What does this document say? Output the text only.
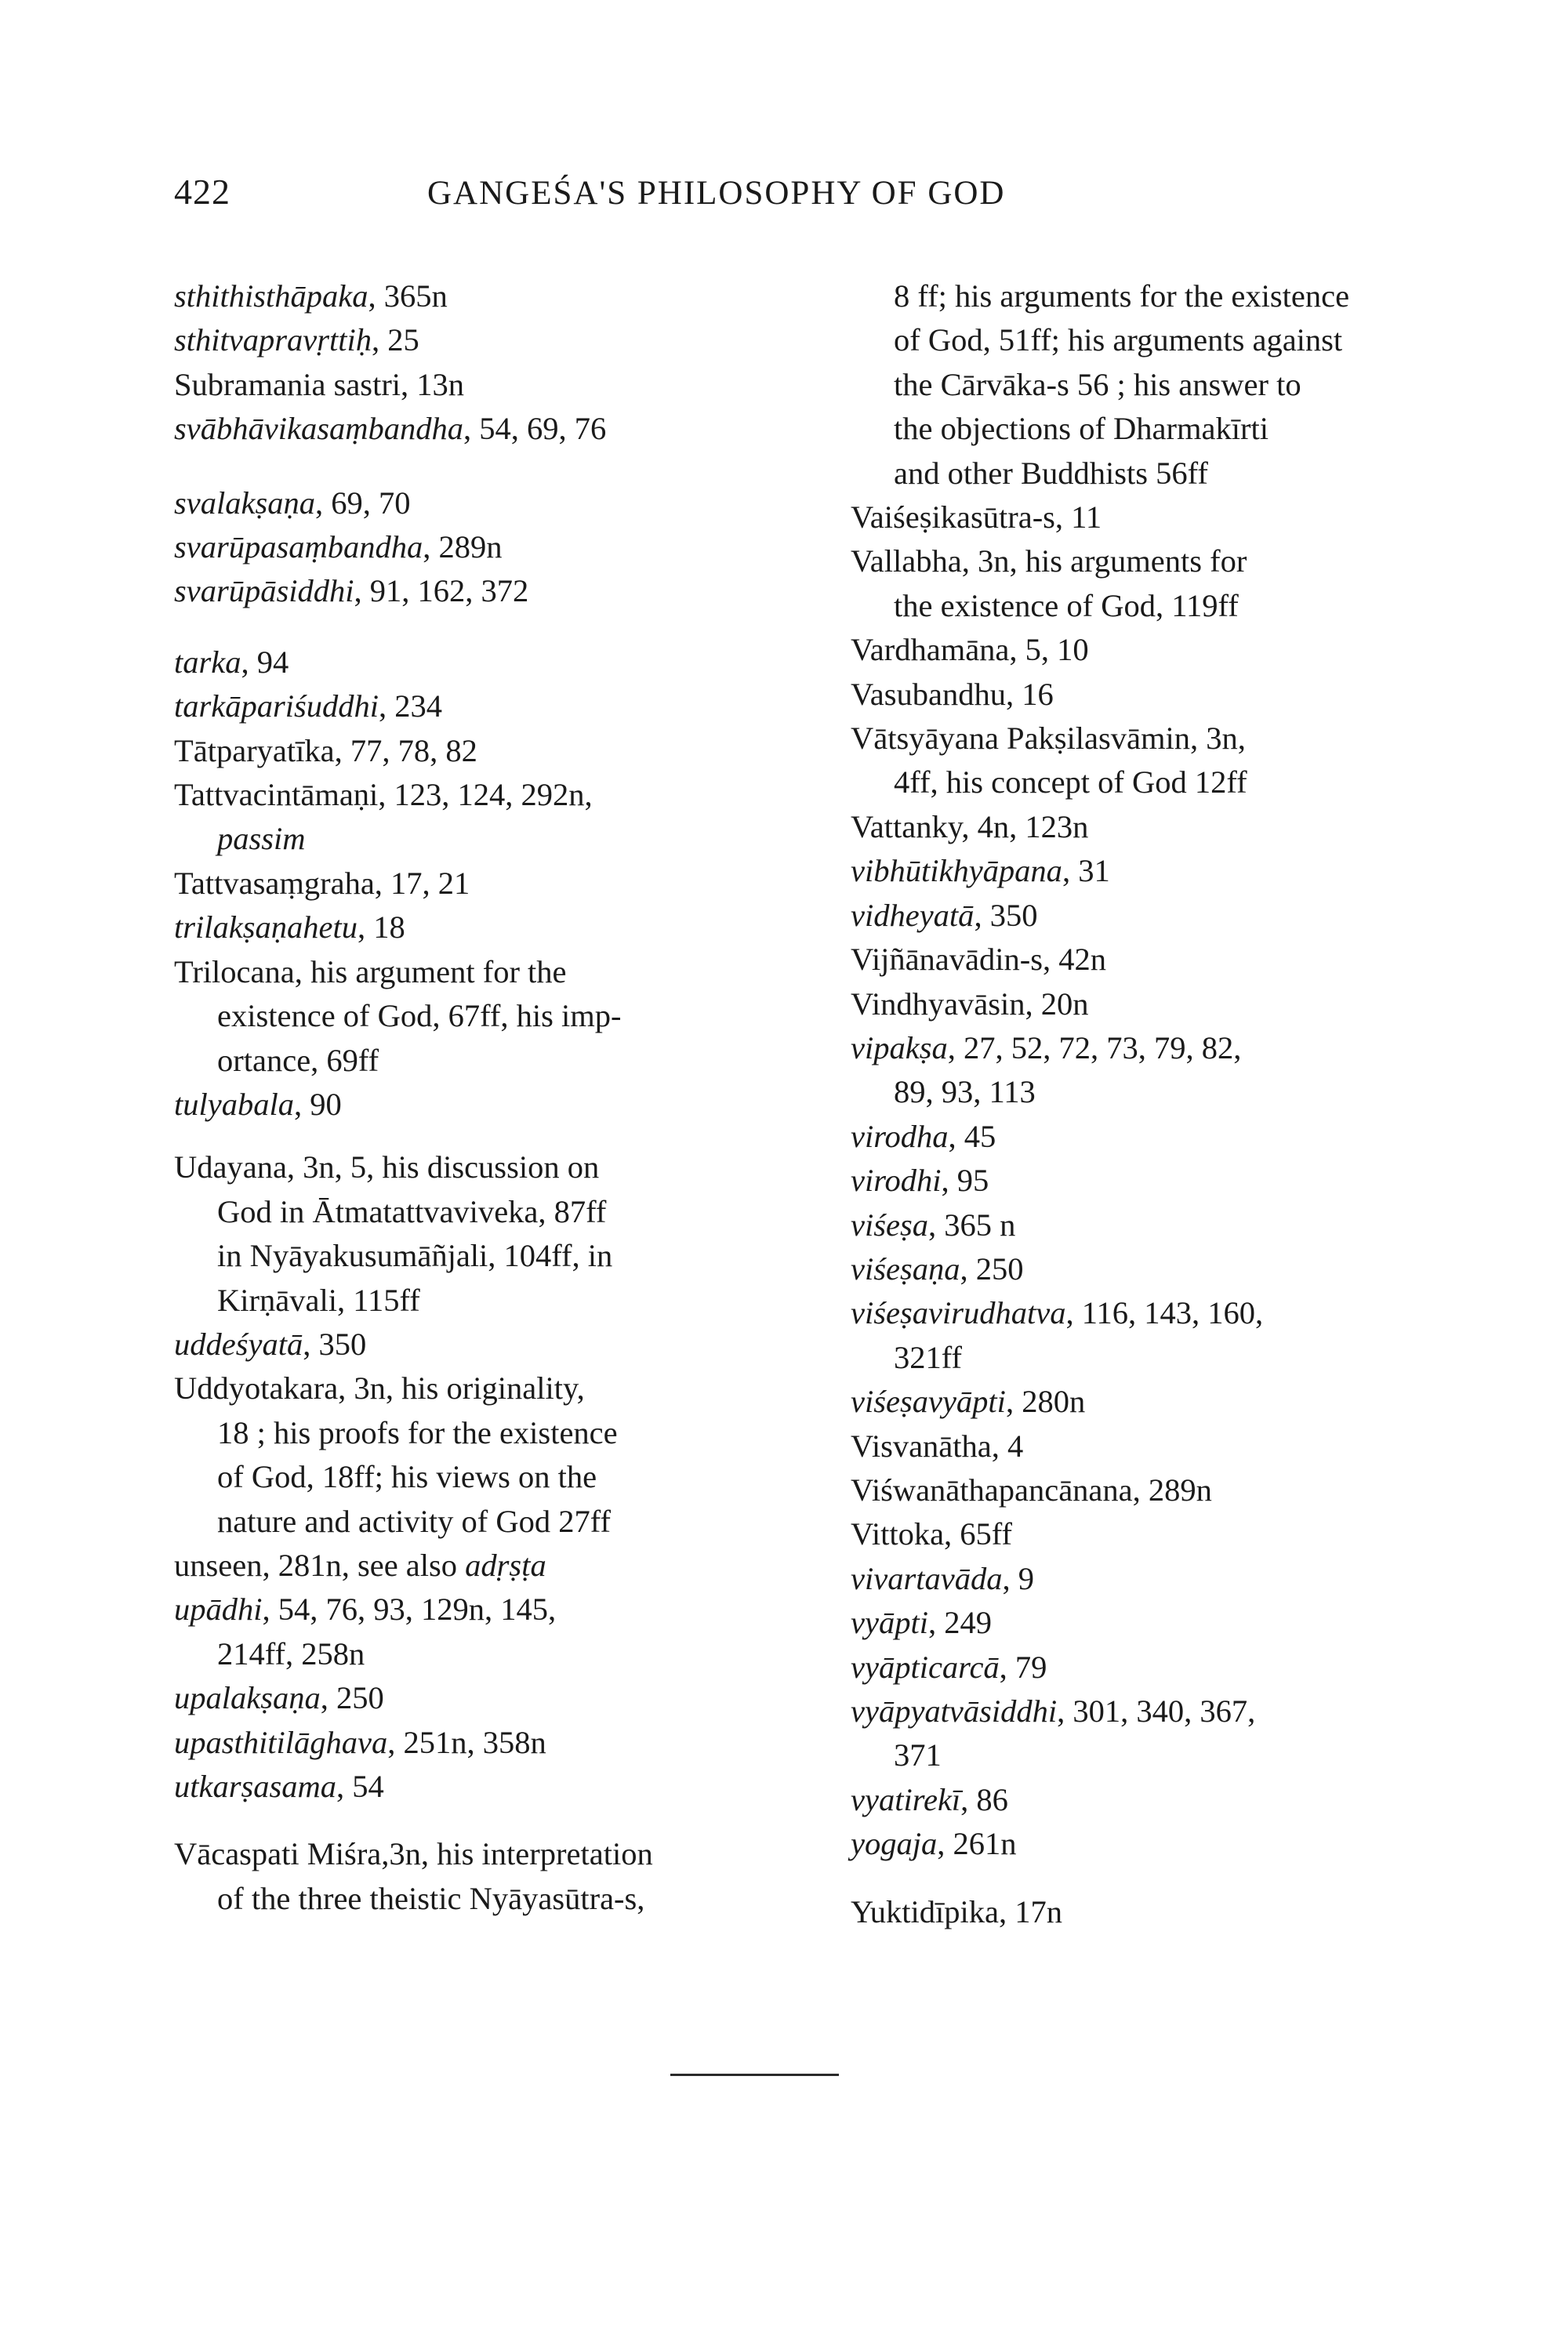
422	GANGEŚA'S PHILOSOPHY OF GOD
sthithisthāpaka, 365n
sthitvapravṛttiḥ, 25
Subramania sastri, 13n
svābhāvikasaṃbandha, 54, 69, 76
svalakṣaṇa, 69, 70
svarūpasaṃbandha, 289n
svarūpāsiddhi, 91, 162, 372
tarka, 94
tarkāpariśuddhi, 234
Tātparyatīka, 77, 78, 82
Tattvacintāmaṇi, 123, 124, 292n,
passim
Tattvasaṃgraha, 17, 21
trilakṣaṇahetu, 18
Trilocana, his argument for the
existence of God, 67ff, his imp-
ortance, 69ff
tulyabala, 90
Udayana, 3n, 5, his discussion on
God in Ātmatattvaviveka, 87ff
in Nyāyakusumāñjali, 104ff, in
Kirṇāvali, 115ff
uddeśyatā, 350
Uddyotakara, 3n, his originality,
18 ; his proofs for the existence
of God, 18ff; his views on the
nature and activity of God 27ff
unseen, 281n, see also adṛṣṭa
upādhi, 54, 76, 93, 129n, 145,
214ff, 258n
upalakṣaṇa, 250
upasthitilāghava, 251n, 358n
utkarṣasama, 54
Vācaspati Miśra,3n, his interpretation
of the three theistic Nyāyasūtra-s,
8 ff; his arguments for the existence
of God, 51ff; his arguments against
the Cārvāka-s 56 ; his answer to
the objections of Dharmakīrti
and other Buddhists 56ff
Vaiśeṣikasūtra-s, 11
Vallabha, 3n, his arguments for
the existence of God, 119ff
Vardhamāna, 5, 10
Vasubandhu, 16
Vātsyāyana Pakṣilasvāmin, 3n,
4ff, his concept of God 12ff
Vattanky, 4n, 123n
vibhūtikhyāpana, 31
vidheyatā, 350
Vijñānavādin-s, 42n
Vindhyavāsin, 20n
vipakṣa, 27, 52, 72, 73, 79, 82,
89, 93, 113
virodha, 45
virodhi, 95
viśeṣa, 365 n
viśeṣaṇa, 250
viśeṣavirudhatva, 116, 143, 160,
321ff
viśeṣavyāpti, 280n
Visvanātha, 4
Viśwanāthapancānana, 289n
Vittoka, 65ff
vivartavāda, 9
vyāpti, 249
vyāpticarcā, 79
vyāpyatvāsiddhi, 301, 340, 367,
371
vyatirekī, 86
yogaja, 261n
Yuktidīpika, 17n
